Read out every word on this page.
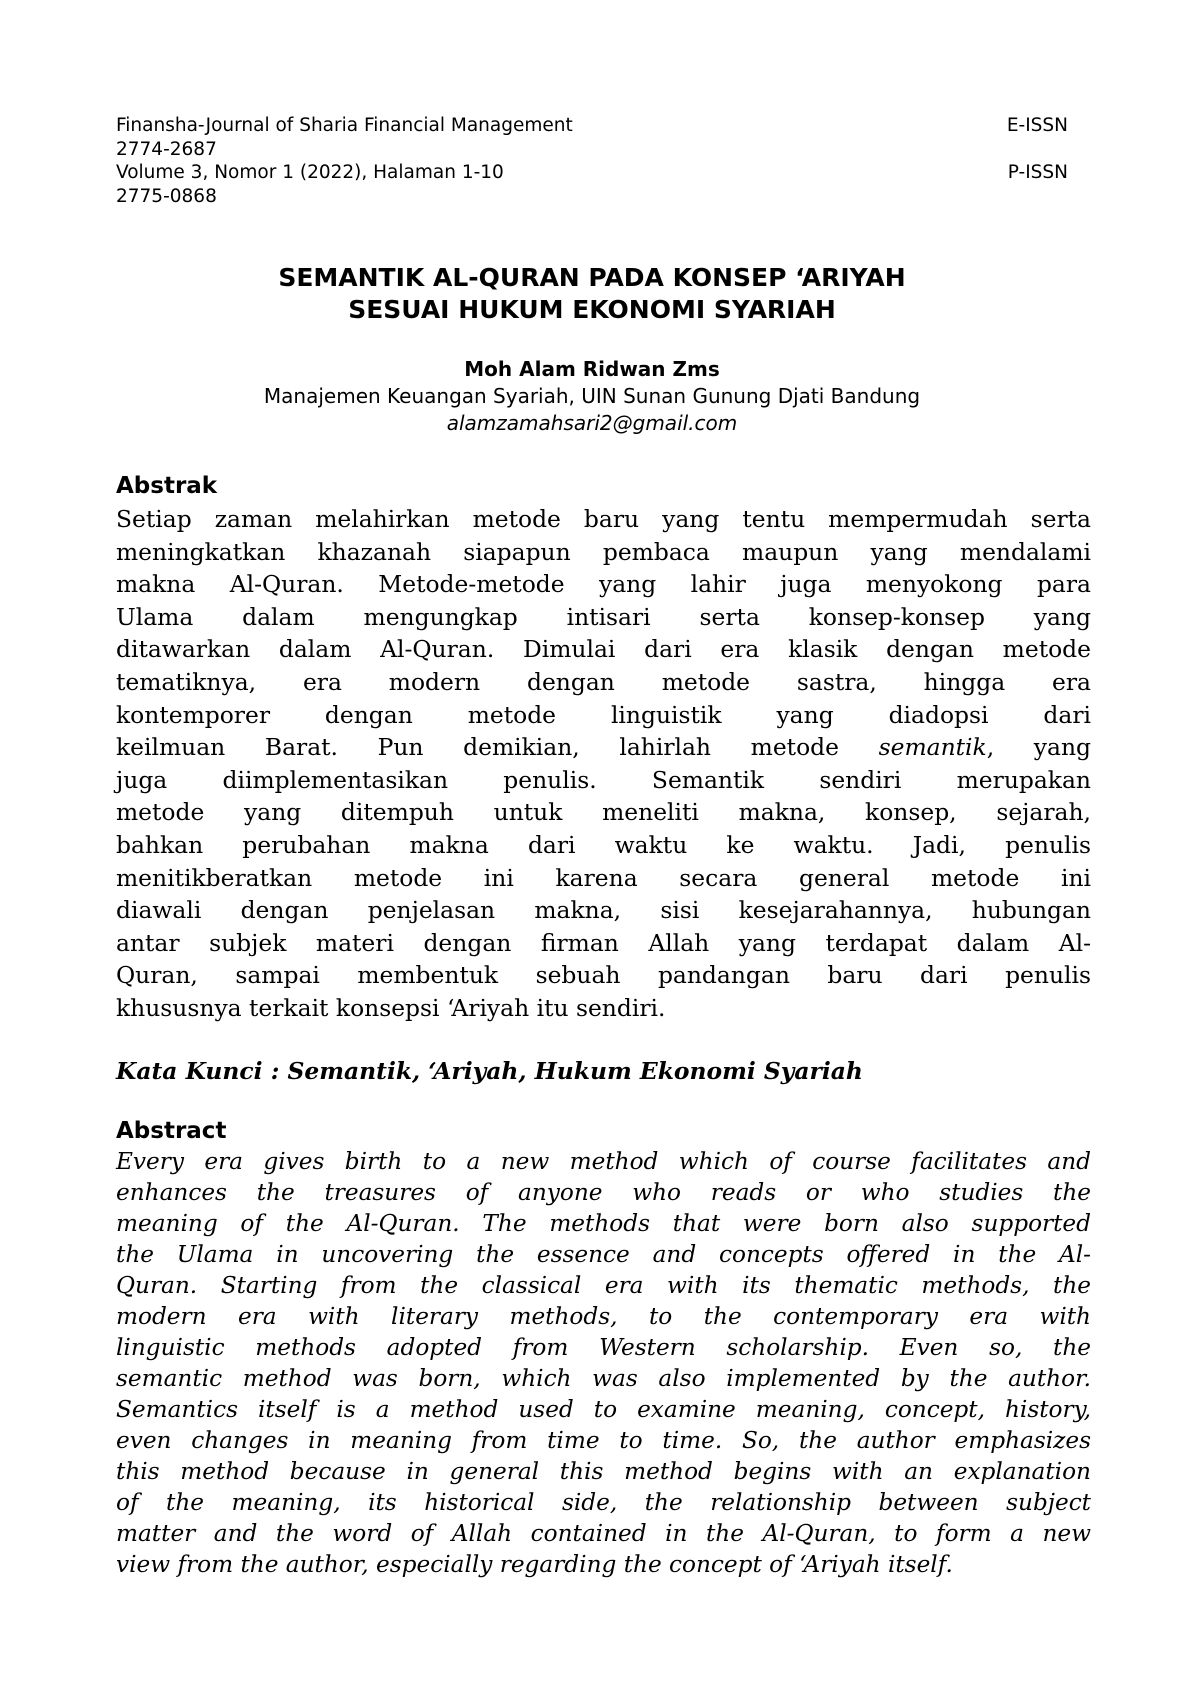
Finansha-Journal of Sharia Financial Management	E-ISSN
2774-2687
Volume 3, Nomor 1 (2022), Halaman 1-10	P-ISSN
2775-0868
SEMANTIK AL-QURAN PADA KONSEP ‘ARIYAH
SESUAI HUKUM EKONOMI SYARIAH
Moh Alam Ridwan Zms
Manajemen Keuangan Syariah, UIN Sunan Gunung Djati Bandung
alamzamahsari2@gmail.com
Abstrak
Setiap zaman melahirkan metode baru yang tentu mempermudah serta
meningkatkan khazanah siapapun pembaca maupun yang mendalami
makna Al-Quran. Metode-metode yang lahir juga menyokong para
Ulama dalam mengungkap intisari serta konsep-konsep yang
ditawarkan dalam Al-Quran. Dimulai dari era klasik dengan metode
tematiknya, era modern dengan metode sastra, hingga era
kontemporer dengan metode linguistik yang diadopsi dari
keilmuan Barat. Pun demikian, lahirlah metode semantik, yang
juga diimplementasikan penulis. Semantik sendiri merupakan
metode yang ditempuh untuk meneliti makna, konsep, sejarah,
bahkan perubahan makna dari waktu ke waktu. Jadi, penulis
menitikberatkan metode ini karena secara general metode ini
diawali dengan penjelasan makna, sisi kesejarahannya, hubungan
antar subjek materi dengan firman Allah yang terdapat dalam Al-
Quran, sampai membentuk sebuah pandangan baru dari penulis
khususnya terkait konsepsi ‘Ariyah itu sendiri.
Kata Kunci : Semantik, ‘Ariyah, Hukum Ekonomi Syariah
Abstract
Every era gives birth to a new method which of course facilitates and
enhances the treasures of anyone who reads or who studies the
meaning of the Al-Quran. The methods that were born also supported
the Ulama in uncovering the essence and concepts offered in the Al-
Quran. Starting from the classical era with its thematic methods, the
modern era with literary methods, to the contemporary era with
linguistic methods adopted from Western scholarship. Even so, the
semantic method was born, which was also implemented by the author.
Semantics itself is a method used to examine meaning, concept, history,
even changes in meaning from time to time. So, the author emphasizes
this method because in general this method begins with an explanation
of the meaning, its historical side, the relationship between subject
matter and the word of Allah contained in the Al-Quran, to form a new
view from the author, especially regarding the concept of ‘Ariyah itself.
